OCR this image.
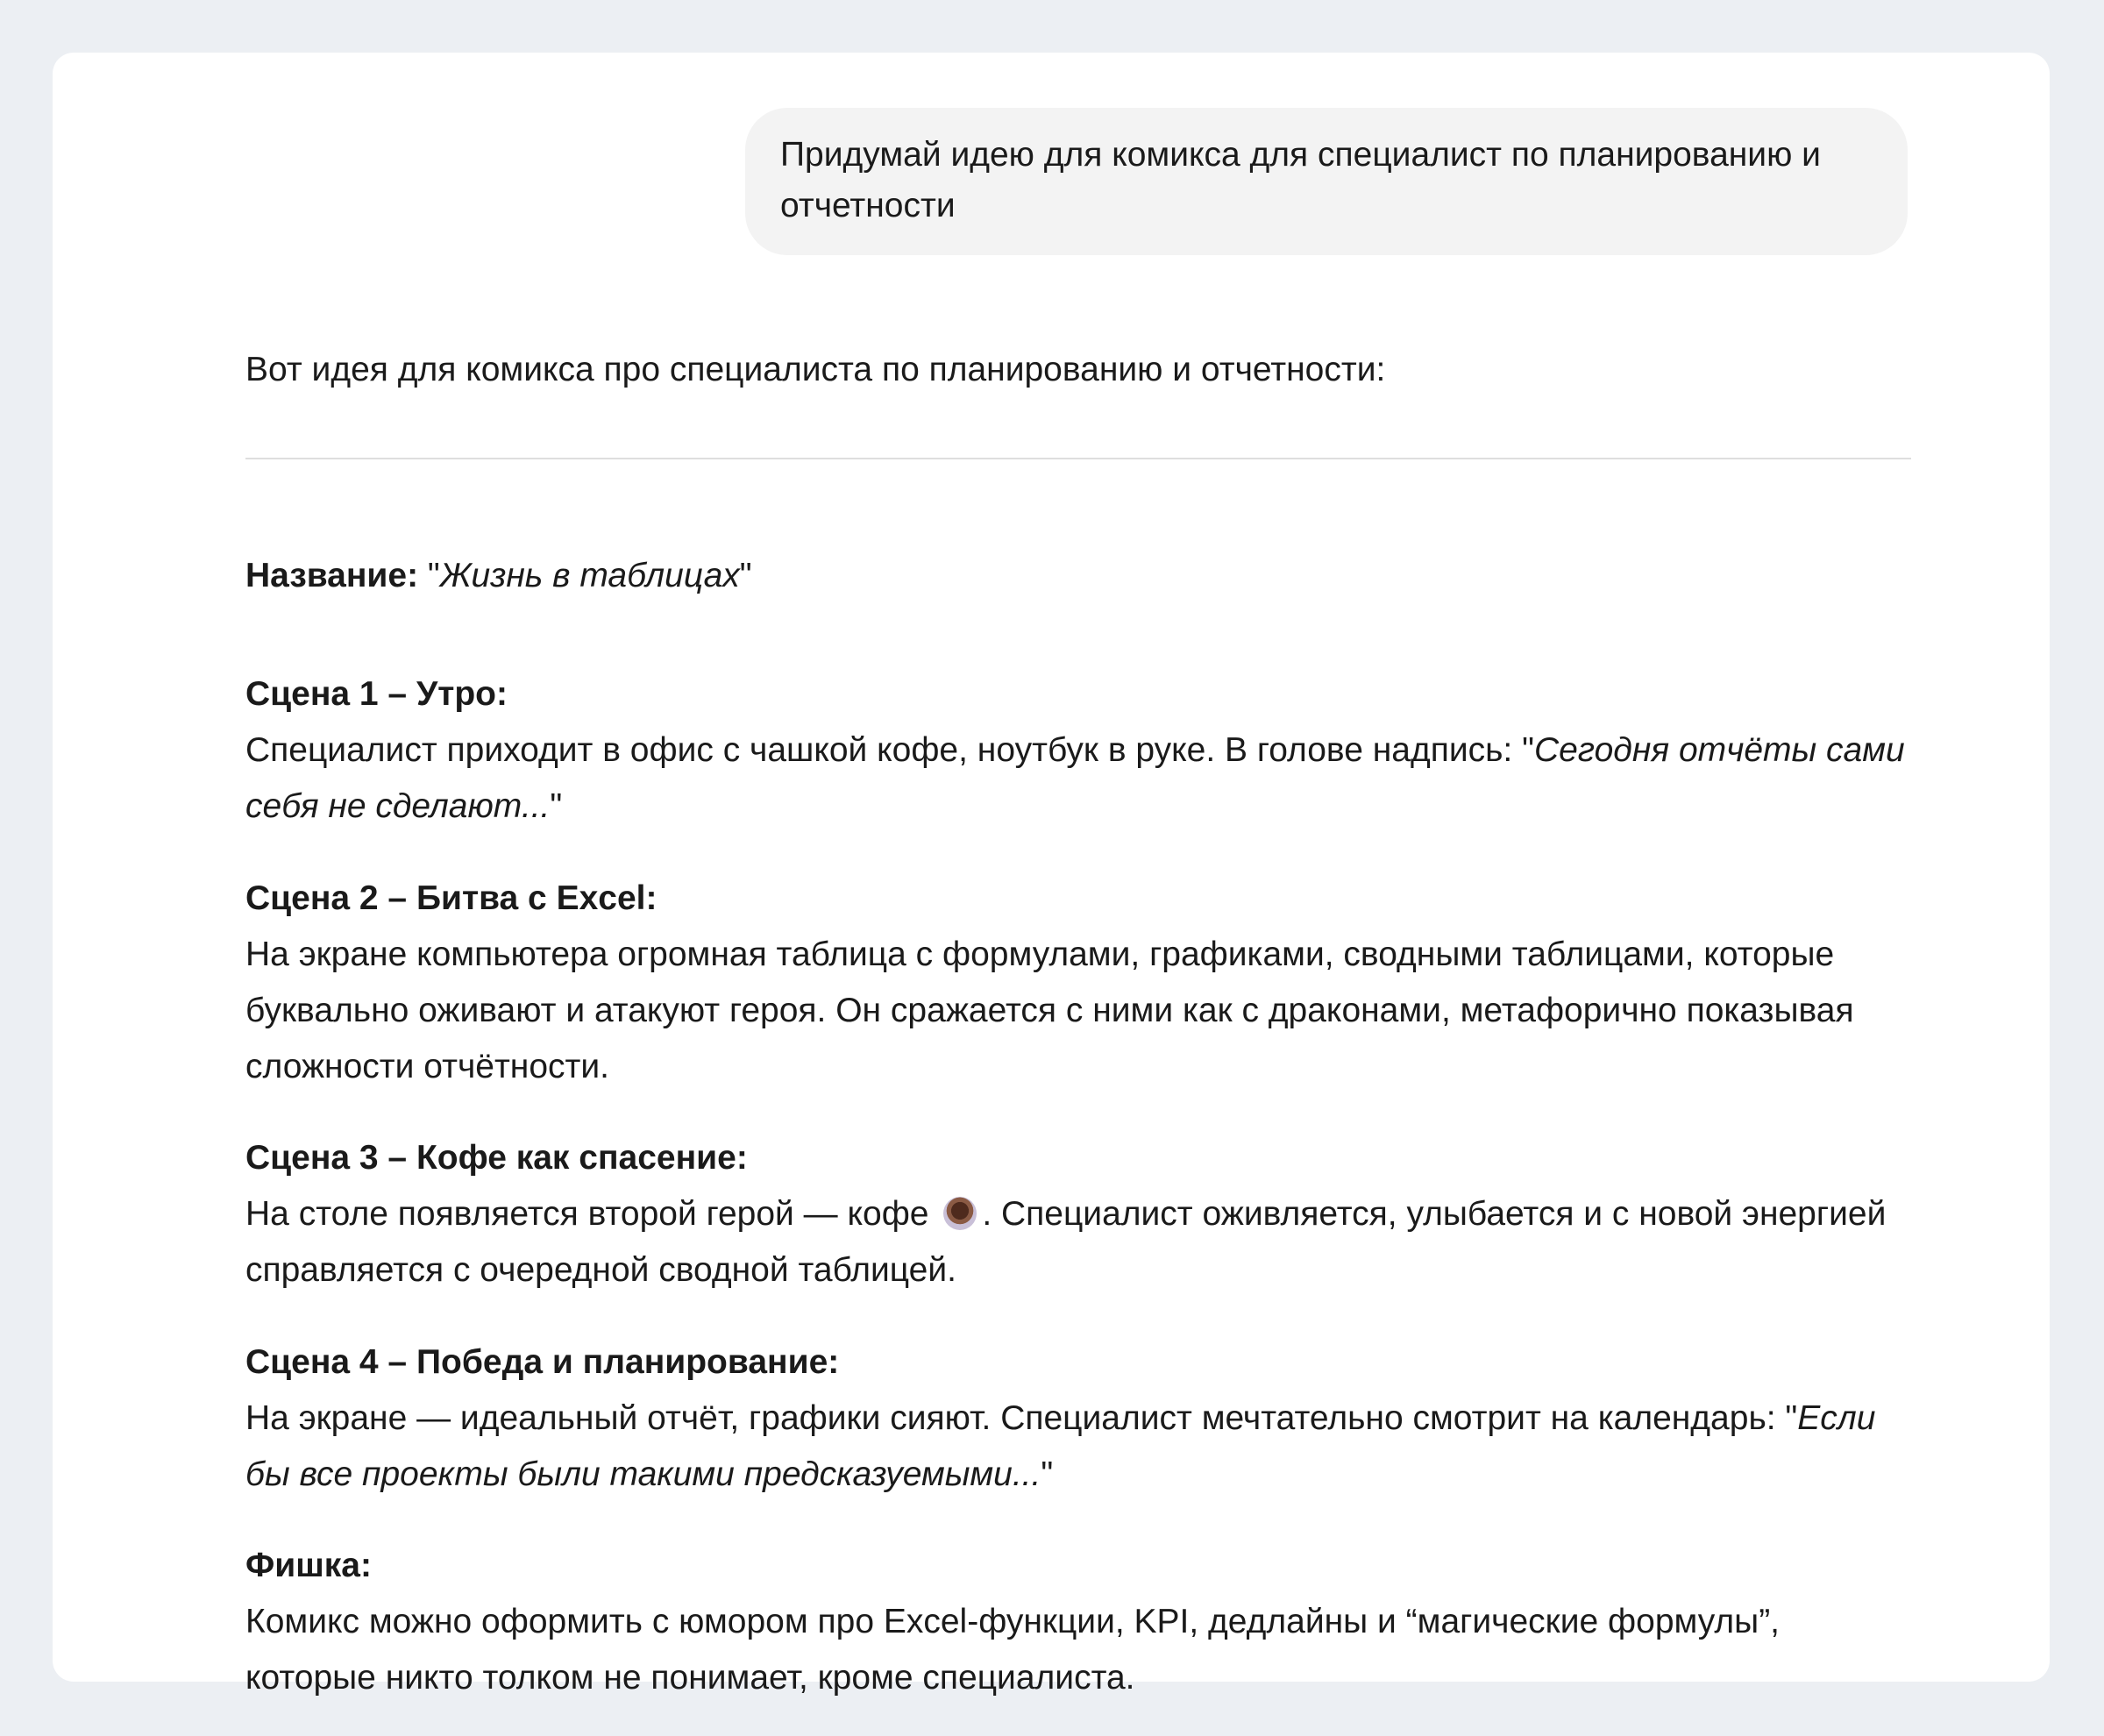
Придумай идею для комикса для специалист по планированию и отчетности

Вот идея для комикса про специалиста по планированию и отчетности:

Название: "Жизнь в таблицах"

Сцена 1 – Утро:
Специалист приходит в офис с чашкой кофе, ноутбук в руке. В голове надпись: "Сегодня отчёты сами себя не сделают..."
Сцена 2 – Битва с Excel:
На экране компьютера огромная таблица с формулами, графиками, сводными таблицами, которые буквально оживают и атакуют героя. Он сражается с ними как с драконами, метафорично показывая сложности отчётности.
Сцена 3 – Кофе как спасение:
На столе появляется второй герой — кофе . Специалист оживляется, улыбается и с новой энергией справляется с очередной сводной таблицей.
Сцена 4 – Победа и планирование:
На экране — идеальный отчёт, графики сияют. Специалист мечтательно смотрит на календарь: "Если бы все проекты были такими предсказуемыми..."
Фишка:
Комикс можно оформить с юмором про Excel-функции, KPI, дедлайны и “магические формулы”, которые никто толком не понимает, кроме специалиста.
